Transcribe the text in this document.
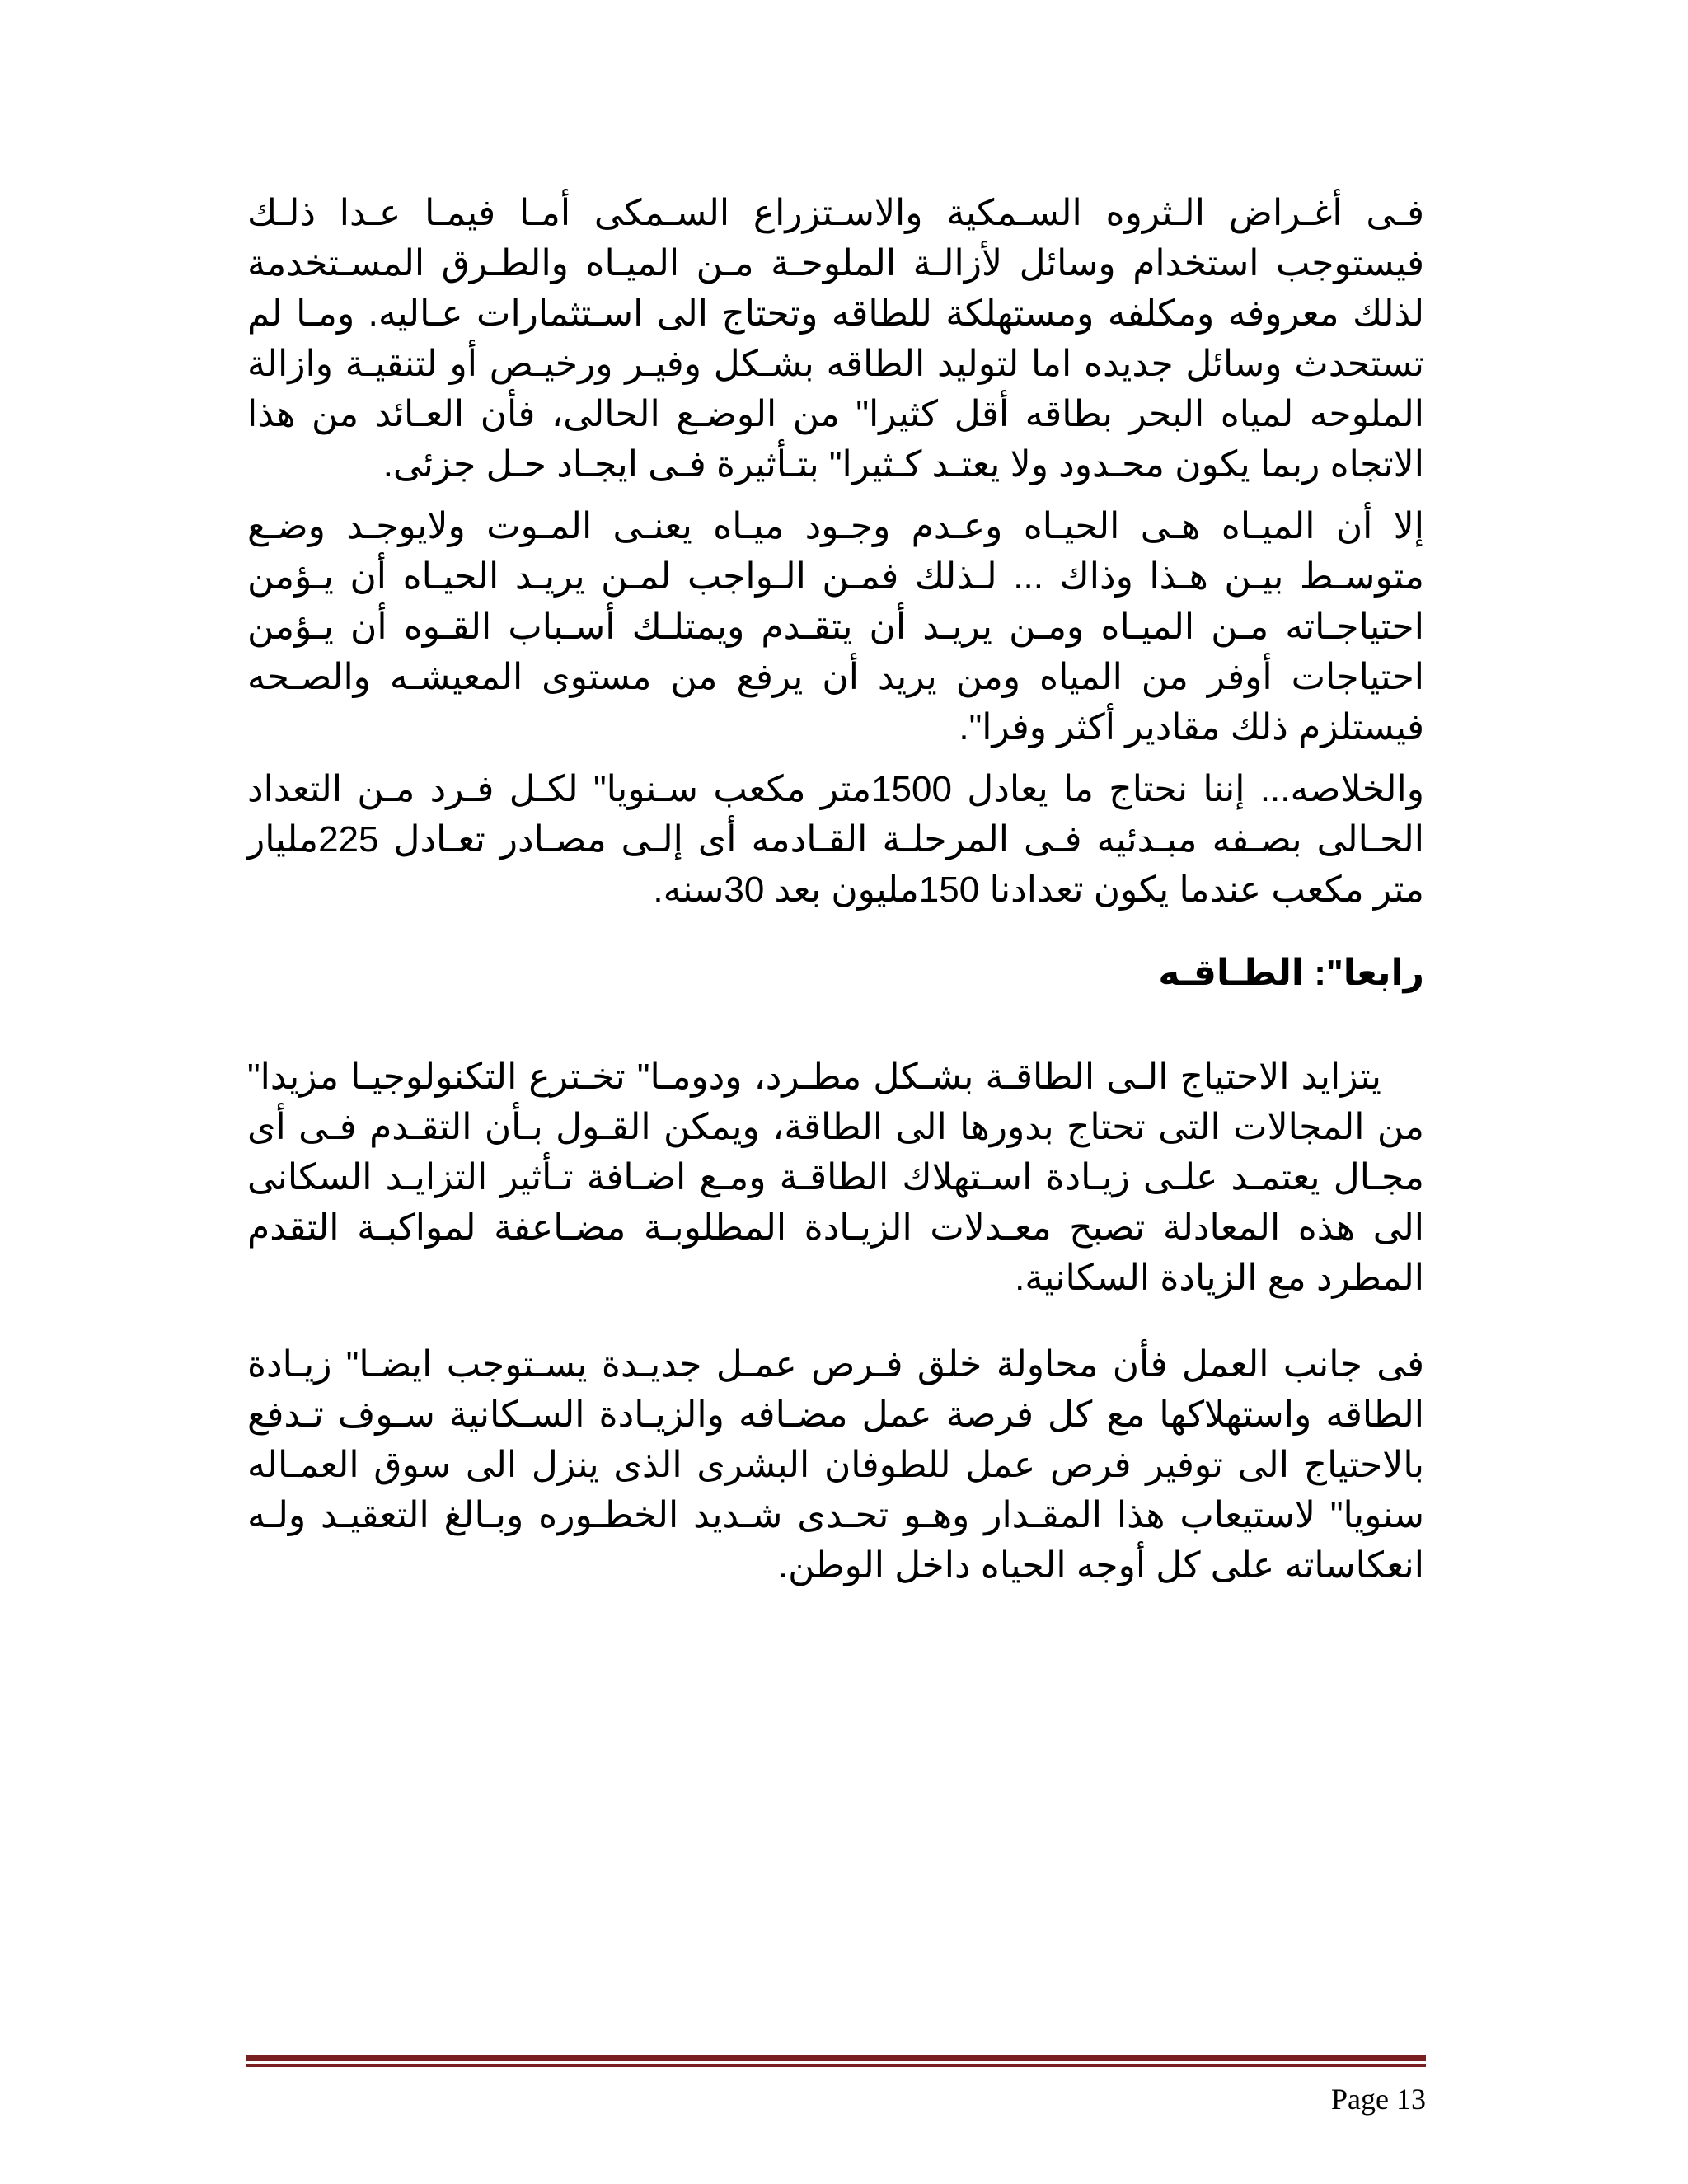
فـى أغـراض الـثروه السـمكية والاسـتزراع السـمكى أمـا فيمـا عـدا ذلـك فيستوجب استخدام وسائل لأزالـة الملوحـة مـن الميـاه والطـرق المسـتخدمة لذلك معروفه ومكلفه ومستهلكة للطاقه وتحتاج الى اسـتثمارات عـاليه. ومـا لم تستحدث وسائل جديده اما لتوليد الطاقه بشـكل وفيـر ورخيـص أو لتنقيـة وازالة الملوحه لمياه البحر بطاقه أقل كثيرا" من الوضـع الحالى، فأن العـائد من هذا الاتجاه ربما يكون محـدود ولا يعتـد كـثيرا" بتـأثيرة فـى ايجـاد حـل جزئى.

إلا أن الميـاه هـى الحيـاه وعـدم وجـود ميـاه يعنـى المـوت ولايوجـد وضـع متوسـط بيـن هـذا وذاك ... لـذلك فمـن الـواجب لمـن يريـد الحيـاه أن يـؤمن احتياجـاته مـن الميـاه ومـن يريـد أن يتقـدم ويمتلـك أسـباب القـوه أن يـؤمن احتياجات أوفر من المياه ومن يريد أن يرفع من مستوى المعيشـه والصـحه فيستلزم ذلك مقادير أكثر وفرا".

والخلاصه... إننا نحتاج ما يعادل 1500متر مكعب سـنويا" لكـل فـرد مـن التعداد الحـالى بصـفه مبـدئيه فـى المرحلـة القـادمه أى إلـى مصـادر تعـادل 225مليار متر مكعب عندما يكون تعدادنا 150مليون بعد 30سنه.

رابعا": الطـاقـه

يتزايد الاحتياج الـى الطاقـة بشـكل مطـرد، ودومـا" تخـترع التكنولوجيـا مزيدا" من المجالات التى تحتاج بدورها الى الطاقة، ويمكن القـول بـأن التقـدم فـى أى مجـال يعتمـد علـى زيـادة اسـتهلاك الطاقـة ومـع اضـافة تـأثير التزايـد السكانى الى هذه المعادلة تصبح معـدلات الزيـادة المطلوبـة مضـاعفة لمواكبـة التقدم المطرد مع الزيادة السكانية.

فى جانب العمل فأن محاولة خلق فـرص عمـل جديـدة يسـتوجب ايضـا" زيـادة الطاقه واستهلاكها مع كل فرصة عمل مضـافه والزيـادة السـكانية سـوف تـدفع بالاحتياج الى توفير فرص عمل للطوفان البشرى الذى ينزل الى سوق العمـاله سنويا" لاستيعاب هذا المقـدار وهـو تحـدى شـديد الخطـوره وبـالغ التعقيـد ولـه انعكاساته على كل أوجه الحياه داخل الوطن.

Page 13
